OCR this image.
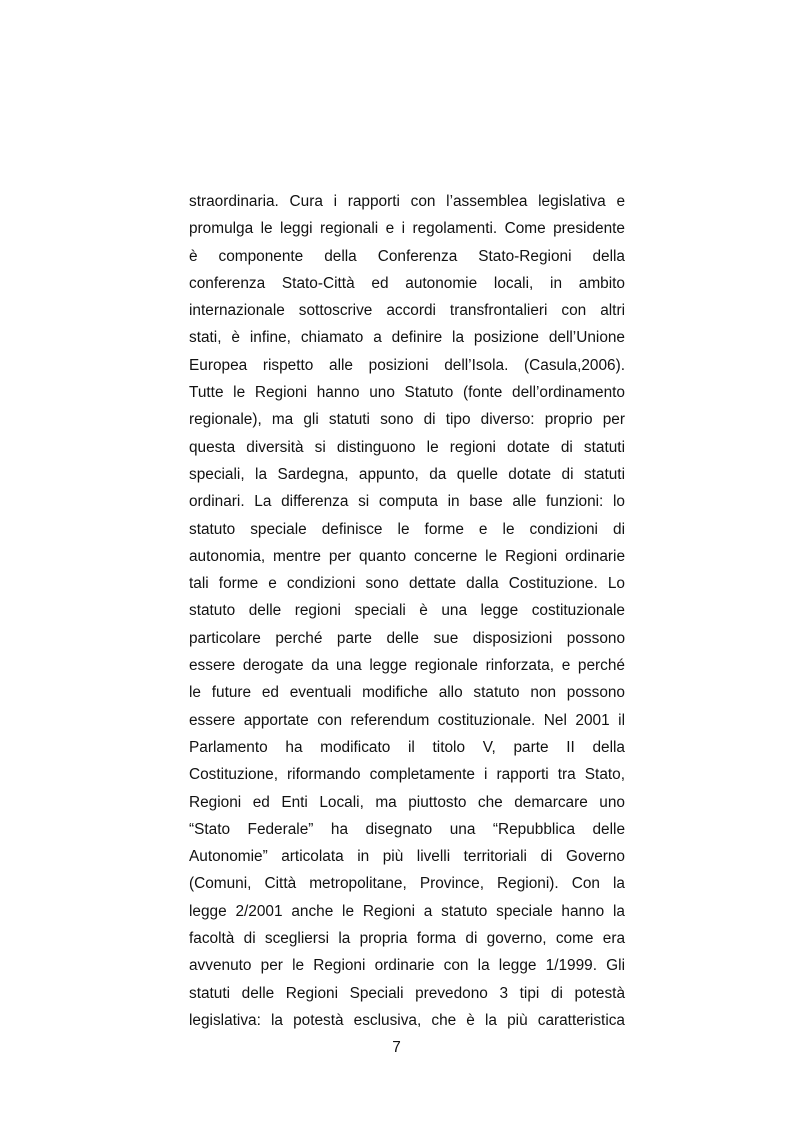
straordinaria. Cura i rapporti con l’assemblea legislativa e
promulga le leggi regionali e i regolamenti. Come presidente
è componente della Conferenza Stato-Regioni della
conferenza Stato-Città ed autonomie locali, in ambito
internazionale sottoscrive accordi transfrontalieri con altri
stati, è infine, chiamato a definire la posizione dell’Unione
Europea rispetto alle posizioni dell’Isola. (Casula,2006).
Tutte le Regioni hanno uno Statuto (fonte dell’ordinamento
regionale), ma gli statuti sono di tipo diverso: proprio per
questa diversità si distinguono le regioni dotate di statuti
speciali, la Sardegna, appunto, da quelle dotate di statuti
ordinari. La differenza si computa in base alle funzioni: lo
statuto speciale definisce le forme e le condizioni di
autonomia, mentre per quanto concerne le Regioni ordinarie
tali forme e condizioni sono dettate dalla Costituzione. Lo
statuto delle regioni speciali è una legge costituzionale
particolare perché parte delle sue disposizioni possono
essere derogate da una legge regionale rinforzata, e perché
le future ed eventuali modifiche allo statuto non possono
essere apportate con referendum costituzionale. Nel 2001 il
Parlamento ha modificato il titolo V, parte II della
Costituzione, riformando completamente i rapporti tra Stato,
Regioni ed Enti Locali, ma piuttosto che demarcare uno
“Stato Federale” ha disegnato una “Repubblica delle
Autonomie” articolata in più livelli territoriali di Governo
(Comuni, Città metropolitane, Province, Regioni). Con la
legge 2/2001 anche le Regioni a statuto speciale hanno la
facoltà di scegliersi la propria forma di governo, come era
avvenuto per le Regioni ordinarie con la legge 1/1999. Gli
statuti delle Regioni Speciali prevedono 3 tipi di potestà
legislativa: la potestà esclusiva, che è la più caratteristica
7
